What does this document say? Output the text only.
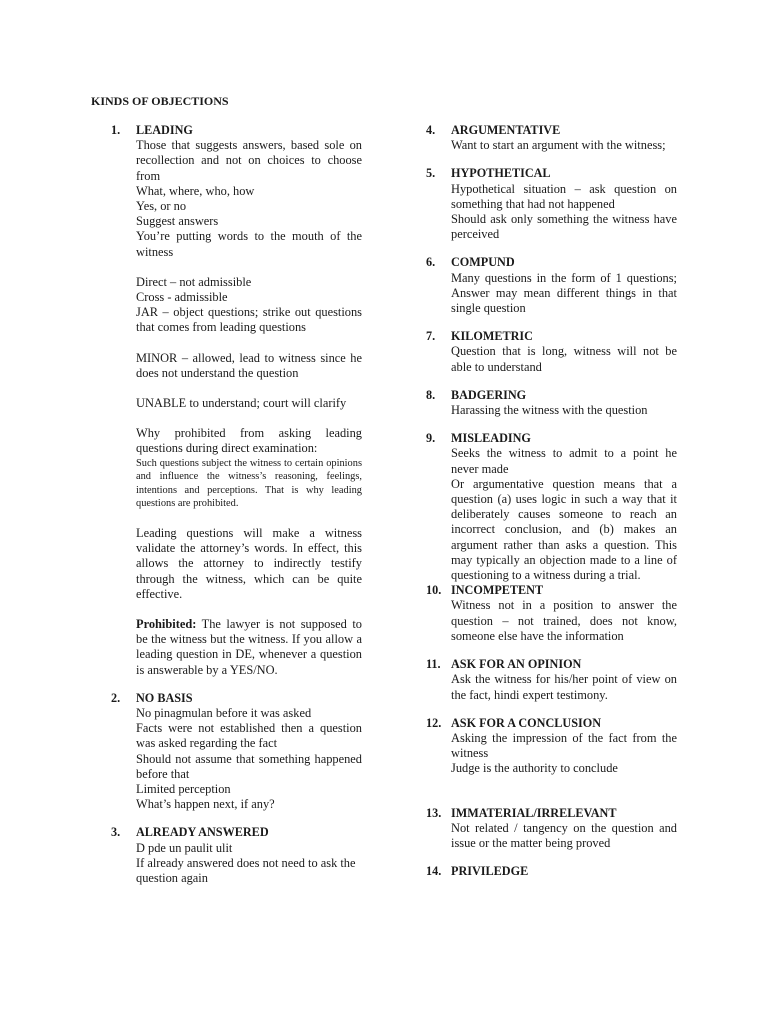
KINDS OF OBJECTIONS
1.	LEADING
Those that suggests answers, based sole on recollection and not on choices to choose from
What, where, who, how
Yes, or no
Suggest answers
You’re putting words to the mouth of the witness
Direct – not admissible
Cross - admissible
JAR – object questions; strike out questions that comes from leading questions
MINOR – allowed, lead to witness since he does not understand the question
UNABLE to understand; court will clarify
Why prohibited from asking leading questions during direct examination:
Such questions subject the witness to certain opinions and influence the witness’s reasoning, feelings, intentions and perceptions. That is why leading questions are prohibited.
Leading questions will make a witness validate the attorney’s words. In effect, this allows the attorney to indirectly testify through the witness, which can be quite effective.
Prohibited: The lawyer is not supposed to be the witness but the witness. If you allow a leading question in DE, whenever a question is answerable by a YES/NO.
2.	NO BASIS
No pinagmulan before it was asked
Facts were not established then a question was asked regarding the fact
Should not assume that something happened before that
Limited perception
What’s happen next, if any?
3.	ALREADY ANSWERED
D pde un paulit ulit
If already answered does not need to ask the question again
4.	ARGUMENTATIVE
Want to start an argument with the witness;
5.	HYPOTHETICAL
Hypothetical situation – ask question on something that had not happened
Should ask only something the witness have perceived
6.	COMPUND
Many questions in the form of 1 questions; Answer may mean different things in that single question
7.	KILOMETRIC
Question that is long, witness will not be able to understand
8.	BADGERING
Harassing the witness with the question
9.	MISLEADING
Seeks the witness to admit to a point he never made
Or argumentative question means that a question (a) uses logic in such a way that it deliberately causes someone to reach an incorrect conclusion, and (b) makes an argument rather than asks a question. This may typically an objection made to a line of questioning to a witness during a trial.
10. INCOMPETENT
Witness not in a position to answer the question – not trained, does not know, someone else have the information
11. ASK FOR AN OPINION
Ask the witness for his/her point of view on the fact, hindi expert testimony.
12. ASK FOR A CONCLUSION
Asking the impression of the fact from the witness
Judge is the authority to conclude
13. IMMATERIAL/IRRELEVANT
Not related / tangency on the question and issue or the matter being proved
14. PRIVILEDGE
